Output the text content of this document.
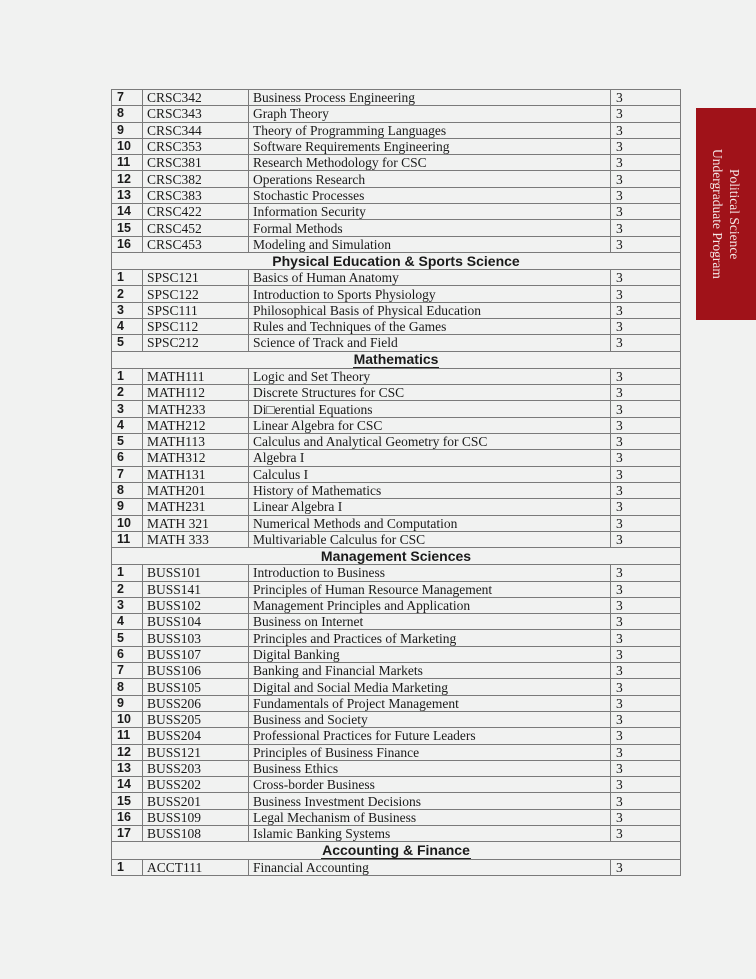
7	CRSC342	Business Process Engineering	3
8	CRSC343	Graph Theory	3
9	CRSC344	Theory of Programming Languages	3
10	CRSC353	Software Requirements Engineering	3
11	CRSC381	Research Methodology for CSC	3
12	CRSC382	Operations Research	3
13	CRSC383	Stochastic Processes	3
14	CRSC422	Information Security	3
15	CRSC452	Formal Methods	3
16	CRSC453	Modeling and Simulation	3
Physical Education & Sports Science			
1	SPSC121	Basics of Human Anatomy	3
2	SPSC122	Introduction to Sports Physiology	3
3	SPSC111	Philosophical Basis of Physical Education	3
4	SPSC112	Rules and Techniques of the Games	3
5	SPSC212	Science of Track and Field	3
Mathematics			
1	MATH111	Logic and Set Theory	3
2	MATH112	Discrete Structures for CSC	3
3	MATH233	Di□erential Equations	3
4	MATH212	Linear Algebra for CSC	3
5	MATH113	Calculus and Analytical Geometry for CSC	3
6	MATH312	Algebra I	3
7	MATH131	Calculus I	3
8	MATH201	History of Mathematics	3
9	MATH231	Linear Algebra I	3
10	MATH 321	Numerical Methods and Computation	3
11	MATH 333	Multivariable Calculus for CSC	3
Management Sciences			
1	BUSS101	Introduction to Business	3
2	BUSS141	Principles of Human Resource Management	3
3	BUSS102	Management Principles and Application	3
4	BUSS104	Business on Internet	3
5	BUSS103	Principles and Practices of Marketing	3
6	BUSS107	Digital Banking	3
7	BUSS106	Banking and Financial Markets	3
8	BUSS105	Digital and Social Media Marketing	3
9	BUSS206	Fundamentals of Project Management	3
10	BUSS205	Business and Society	3
11	BUSS204	Professional Practices for Future Leaders	3
12	BUSS121	Principles of Business Finance	3
13	BUSS203	Business Ethics	3
14	BUSS202	Cross-border Business	3
15	BUSS201	Business Investment Decisions	3
16	BUSS109	Legal Mechanism of Business	3
17	BUSS108	Islamic Banking Systems	3
Accounting & Finance			
1	ACCT111	Financial Accounting	3
Political Science
Undergraduate Program
